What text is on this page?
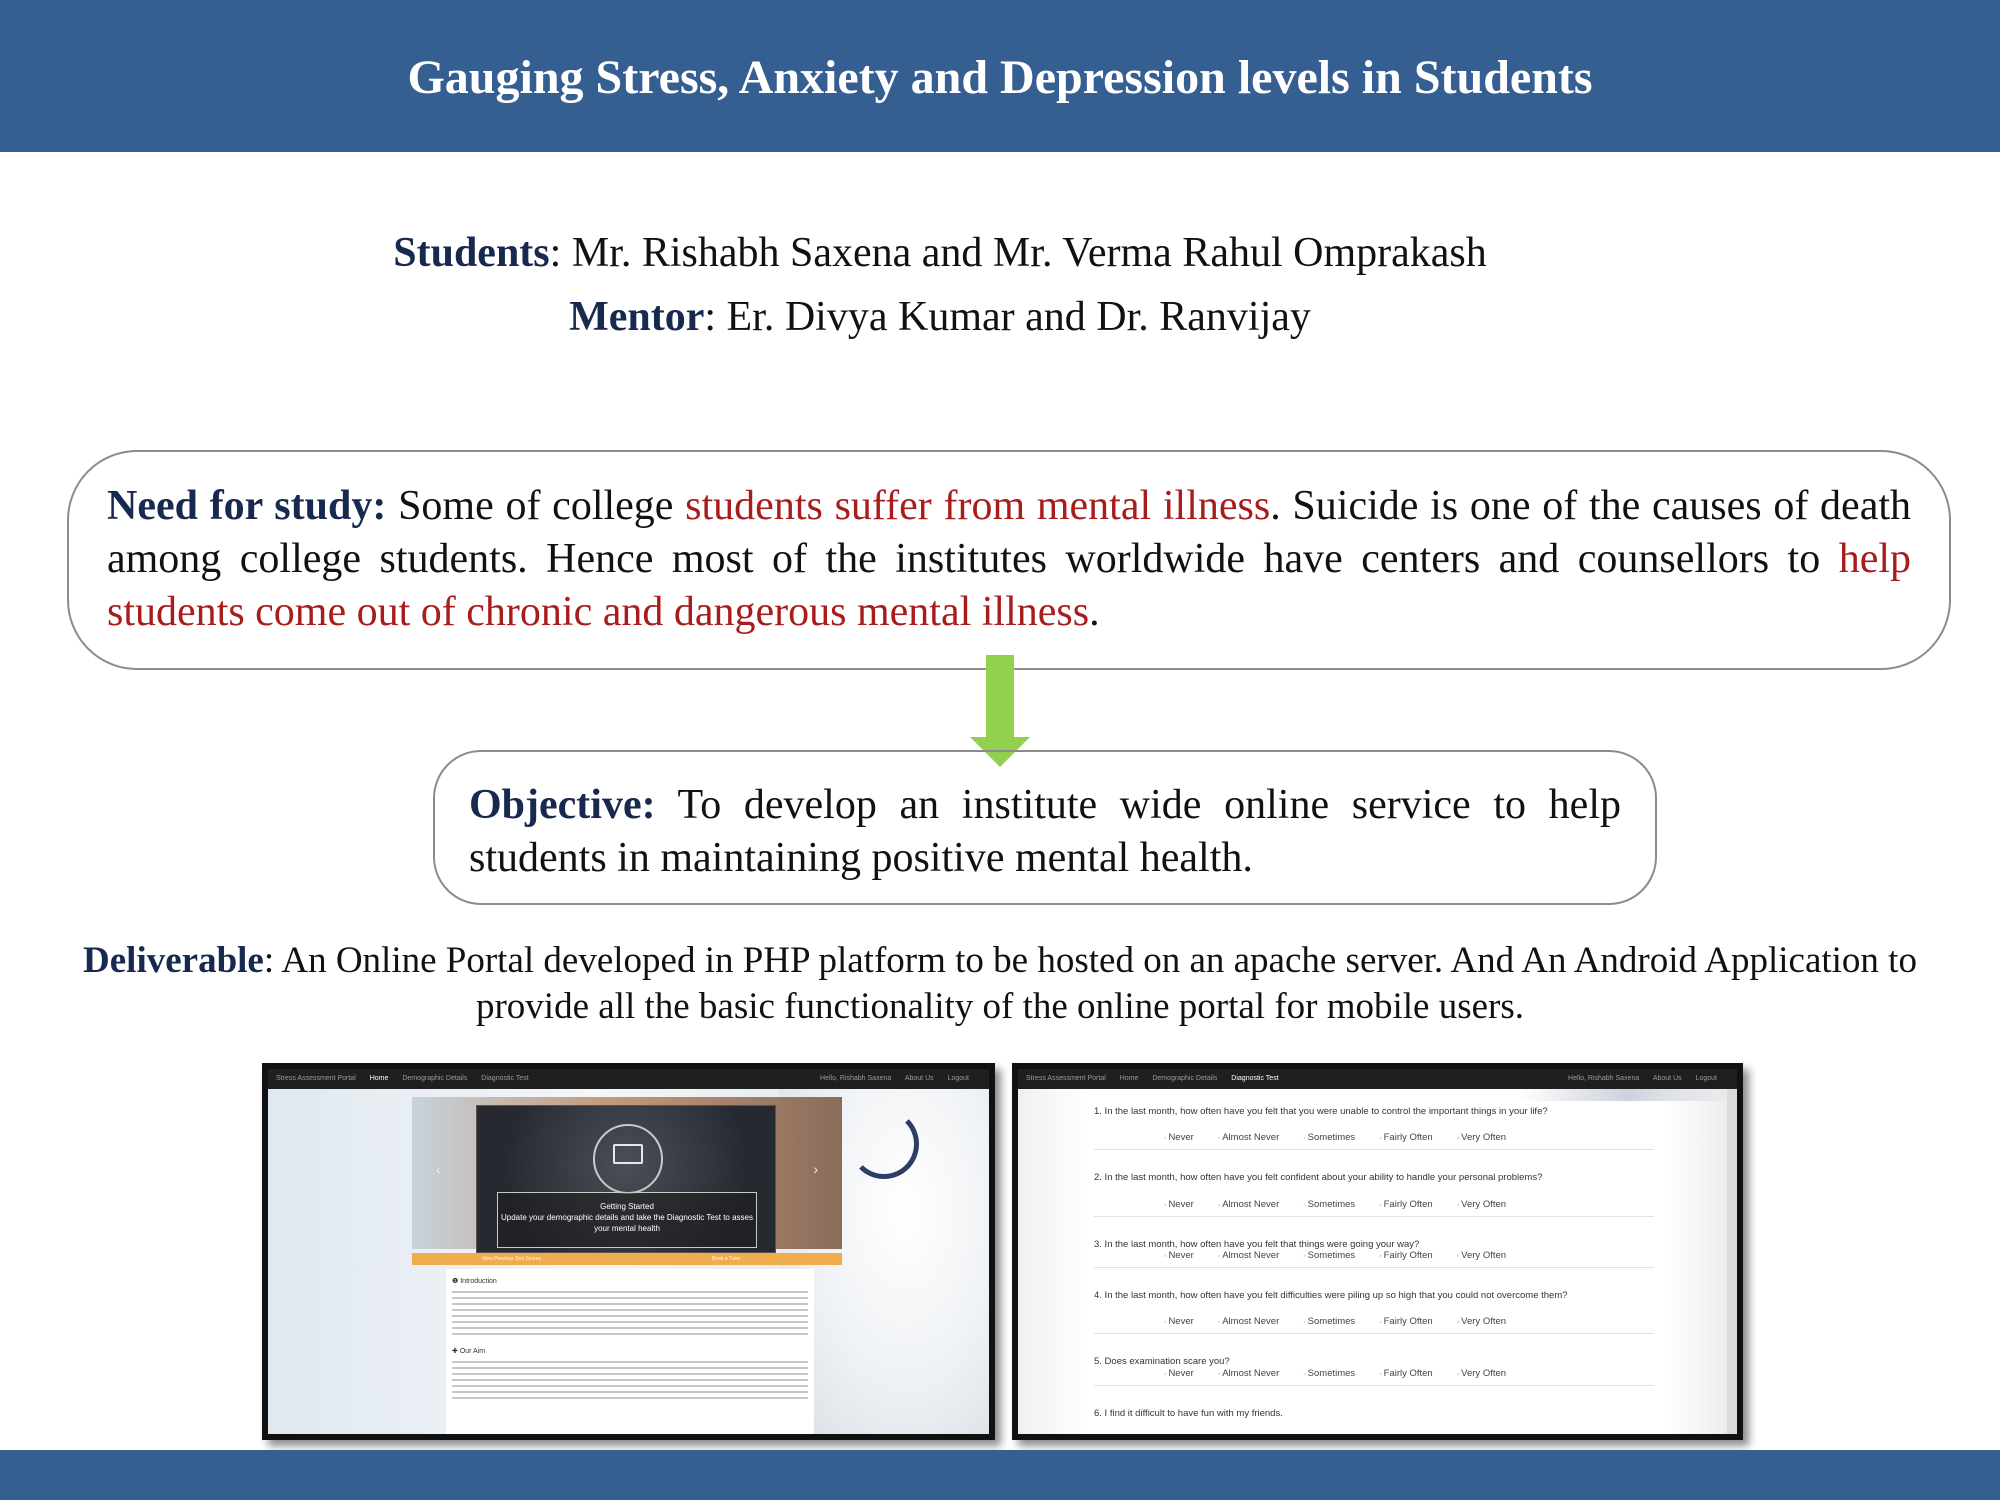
Gauging Stress, Anxiety and Depression levels in Students
Students: Mr. Rishabh Saxena and Mr. Verma Rahul Omprakash
Mentor: Er. Divya Kumar and Dr. Ranvijay
Need for study: Some of college students suffer from mental illness. Suicide is one of the causes of death among college students. Hence most of the institutes worldwide have centers and counsellors to help students come out of chronic and dangerous mental illness.
Objective: To develop an institute wide online service to help students in maintaining positive mental health.
Deliverable: An Online Portal developed in PHP platform to be hosted on an apache server. And An Android Application to provide all the basic functionality of the online portal for mobile users.
Stress Assessment Portal Home Demographic Details Diagnostic Test	Hello, Rishabh Saxena About Us Logout
‹	›
Getting Started
Update your demographic details and take the Diagnostic Test to asses your mental health
View Previous Test Scores	Book a Tutor
❶ Introduction
✚ Our Aim
Stress Assessment Portal Home Demographic Details Diagnostic Test	Hello, Rishabh Saxena About Us Logout
1. In the last month, how often have you felt that you were unable to control the important things in your life?
◦ Never	◦ Almost Never	◦ Sometimes	◦ Fairly Often	◦ Very Often
2. In the last month, how often have you felt confident about your ability to handle your personal problems?
◦ Never	◦ Almost Never	◦ Sometimes	◦ Fairly Often	◦ Very Often
3. In the last month, how often have you felt that things were going your way?
◦ Never	◦ Almost Never	◦ Sometimes	◦ Fairly Often	◦ Very Often
4. In the last month, how often have you felt difficulties were piling up so high that you could not overcome them?
◦ Never	◦ Almost Never	◦ Sometimes	◦ Fairly Often	◦ Very Often
5. Does examination scare you?
◦ Never	◦ Almost Never	◦ Sometimes	◦ Fairly Often	◦ Very Often
6. I find it difficult to have fun with my friends.
